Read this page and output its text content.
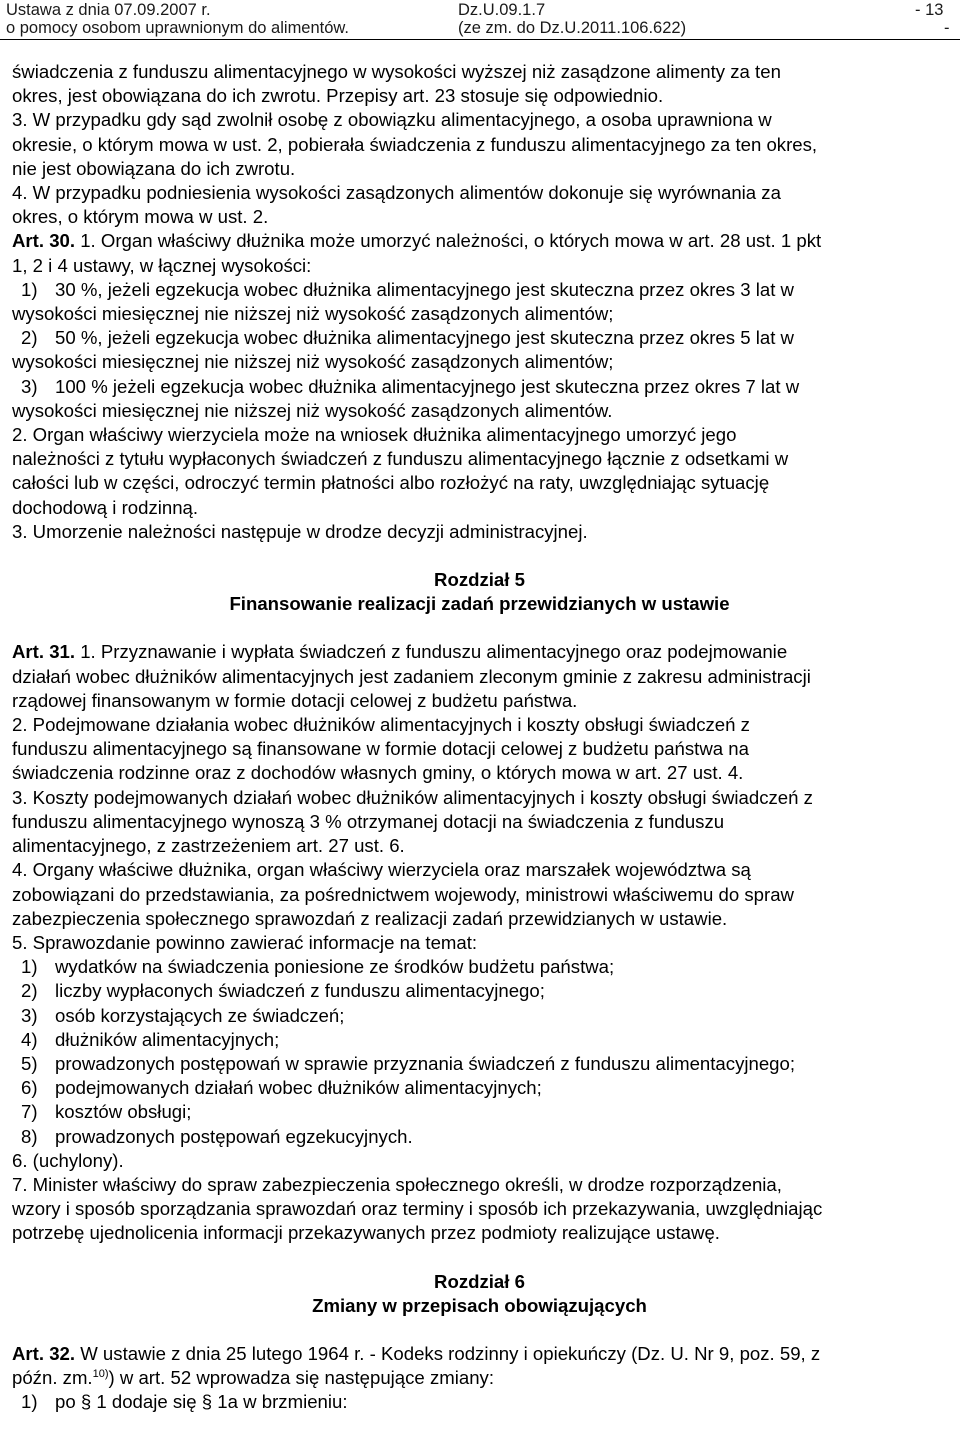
Ustawa z dnia 07.09.2007 r.
o pomocy osobom uprawnionym do alimentów.
Dz.U.09.1.7
(ze zm. do Dz.U.2011.106.622)
- 13
-

świadczenia z funduszu alimentacyjnego w wysokości wyższej niż zasądzone alimenty za ten

okres, jest obowiązana do ich zwrotu. Przepisy art. 23 stosuje się odpowiednio.

3. W przypadku gdy sąd zwolnił osobę z obowiązku alimentacyjnego, a osoba uprawniona w

okresie, o którym mowa w ust. 2, pobierała świadczenia z funduszu alimentacyjnego za ten okres,

nie jest obowiązana do ich zwrotu.

4. W przypadku podniesienia wysokości zasądzonych alimentów dokonuje się wyrównania za

okres, o którym mowa w ust. 2.

Art. 30. 1. Organ właściwy dłużnika może umorzyć należności, o których mowa w art. 28 ust. 1 pkt

1, 2 i 4 ustawy, w łącznej wysokości:

1) 30 %, jeżeli egzekucja wobec dłużnika alimentacyjnego jest skuteczna przez okres 3 lat w

wysokości miesięcznej nie niższej niż wysokość zasądzonych alimentów;

2) 50 %, jeżeli egzekucja wobec dłużnika alimentacyjnego jest skuteczna przez okres 5 lat w

wysokości miesięcznej nie niższej niż wysokość zasądzonych alimentów;

3) 100 % jeżeli egzekucja wobec dłużnika alimentacyjnego jest skuteczna przez okres 7 lat w

wysokości miesięcznej nie niższej niż wysokość zasądzonych alimentów.

2. Organ właściwy wierzyciela może na wniosek dłużnika alimentacyjnego umorzyć jego

należności z tytułu wypłaconych świadczeń z funduszu alimentacyjnego łącznie z odsetkami w

całości lub w części, odroczyć termin płatności albo rozłożyć na raty, uwzględniając sytuację

dochodową i rodzinną.

3. Umorzenie należności następuje w drodze decyzji administracyjnej.

Rozdział 5

Finansowanie realizacji zadań przewidzianych w ustawie

Art. 31. 1. Przyznawanie i wypłata świadczeń z funduszu alimentacyjnego oraz podejmowanie

działań wobec dłużników alimentacyjnych jest zadaniem zleconym gminie z zakresu administracji

rządowej finansowanym w formie dotacji celowej z budżetu państwa.

2. Podejmowane działania wobec dłużników alimentacyjnych i koszty obsługi świadczeń z

funduszu alimentacyjnego są finansowane w formie dotacji celowej z budżetu państwa na

świadczenia rodzinne oraz z dochodów własnych gminy, o których mowa w art. 27 ust. 4.

3. Koszty podejmowanych działań wobec dłużników alimentacyjnych i koszty obsługi świadczeń z

funduszu alimentacyjnego wynoszą 3 % otrzymanej dotacji na świadczenia z funduszu

alimentacyjnego, z zastrzeżeniem art. 27 ust. 6.

4. Organy właściwe dłużnika, organ właściwy wierzyciela oraz marszałek województwa są

zobowiązani do przedstawiania, za pośrednictwem wojewody, ministrowi właściwemu do spraw

zabezpieczenia społecznego sprawozdań z realizacji zadań przewidzianych w ustawie.

5. Sprawozdanie powinno zawierać informacje na temat:

1) wydatków na świadczenia poniesione ze środków budżetu państwa;

2) liczby wypłaconych świadczeń z funduszu alimentacyjnego;

3) osób korzystających ze świadczeń;

4) dłużników alimentacyjnych;

5) prowadzonych postępowań w sprawie przyznania świadczeń z funduszu alimentacyjnego;

6) podejmowanych działań wobec dłużników alimentacyjnych;

7) kosztów obsługi;

8) prowadzonych postępowań egzekucyjnych.

6. (uchylony).

7. Minister właściwy do spraw zabezpieczenia społecznego określi, w drodze rozporządzenia,

wzory i sposób sporządzania sprawozdań oraz terminy i sposób ich przekazywania, uwzględniając

potrzebę ujednolicenia informacji przekazywanych przez podmioty realizujące ustawę.

Rozdział 6

Zmiany w przepisach obowiązujących

Art. 32. W ustawie z dnia 25 lutego 1964 r. - Kodeks rodzinny i opiekuńczy (Dz. U. Nr 9, poz. 59, z

późn. zm.$^{10)}$) w art. 52 wprowadza się następujące zmiany:

1) po § 1 dodaje się § 1a w brzmieniu:
